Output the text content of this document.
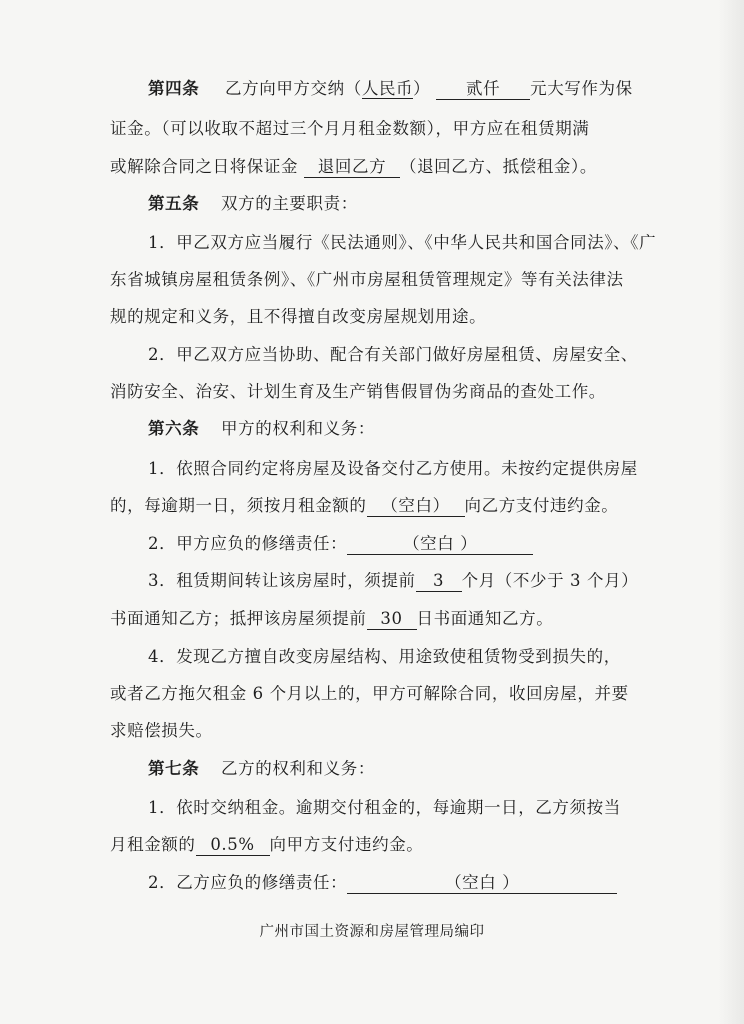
第四条 乙方向甲方交纳（人民币） 贰仟 元大写作为保
证金。（可以收取不超过三个月月租金数额），甲方应在租赁期满
或解除合同之日将保证金 退回乙方 （退回乙方、抵偿租金）。
第五条 双方的主要职责：
1．甲乙双方应当履行《民法通则》、《中华人民共和国合同法》、《广
东省城镇房屋租赁条例》、《广州市房屋租赁管理规定》等有关法律法
规的规定和义务，且不得擅自改变房屋规划用途。
2．甲乙双方应当协助、配合有关部门做好房屋租赁、房屋安全、
消防安全、治安、计划生育及生产销售假冒伪劣商品的查处工作。
第六条 甲方的权利和义务：
1．依照合同约定将房屋及设备交付乙方使用。未按约定提供房屋
的，每逾期一日，须按月租金额的 （空白） 向乙方支付违约金。
2．甲方应负的修缮责任：	（空白 ）
3．租赁期间转让该房屋时，须提前 3 个月（不少于 3 个月）
书面通知乙方；抵押该房屋须提前 30 日书面通知乙方。
4．发现乙方擅自改变房屋结构、用途致使租赁物受到损失的，
或者乙方拖欠租金 6 个月以上的，甲方可解除合同，收回房屋，并要
求赔偿损失。
第七条 乙方的权利和义务：
1．依时交纳租金。逾期交付租金的，每逾期一日，乙方须按当
月租金额的 0.5% 向甲方支付违约金。
2．乙方应负的修缮责任：	（空白 ）
广州市国土资源和房屋管理局编印
